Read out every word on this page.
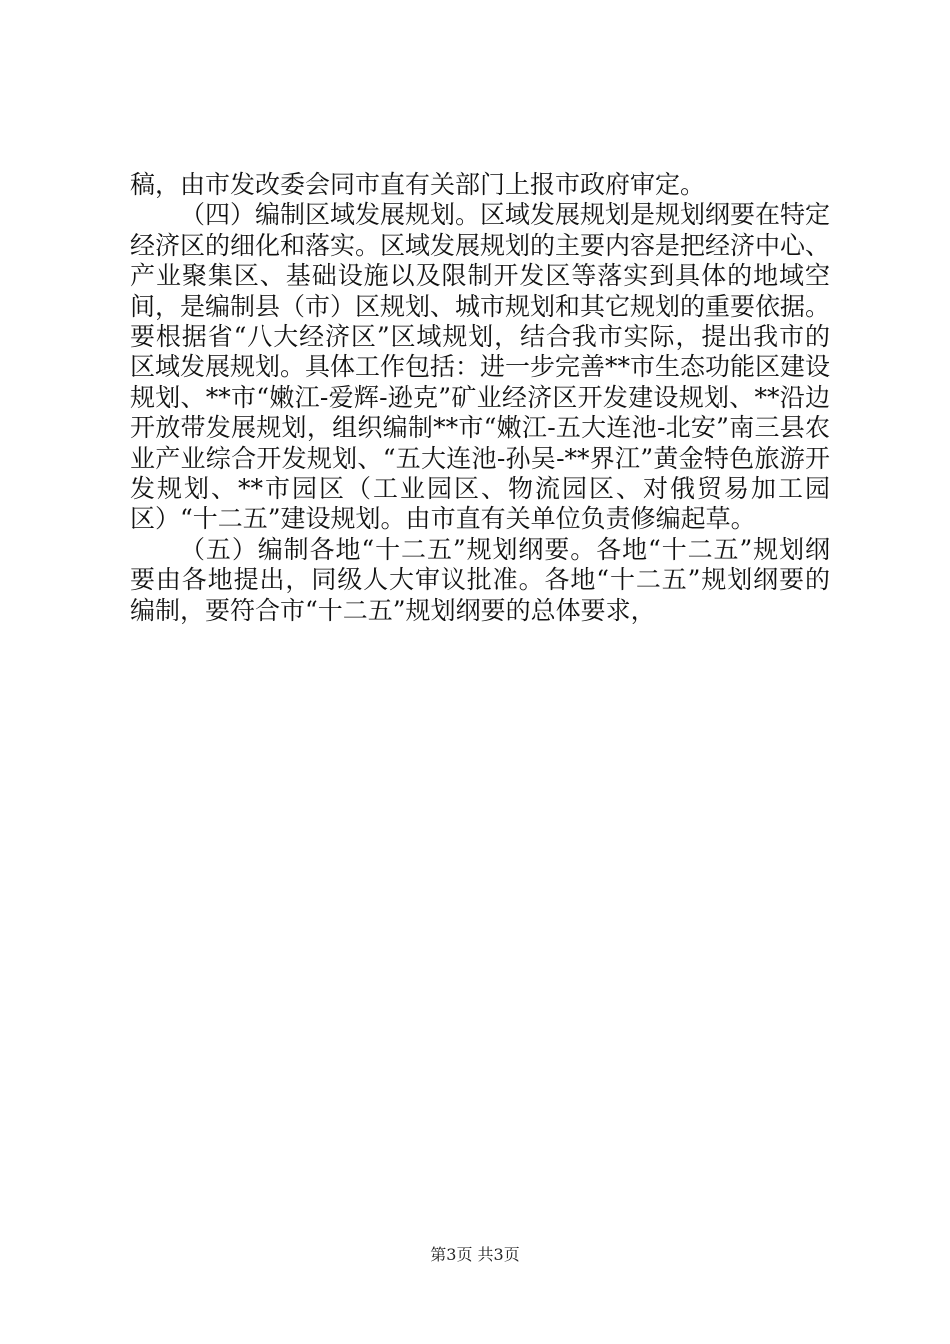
稿，由市发改委会同市直有关部门上报市政府审定。

（四）编制区域发展规划。区域发展规划是规划纲要在特定经济区的细化和落实。区域发展规划的主要内容是把经济中心、产业聚集区、基础设施以及限制开发区等落实到具体的地域空间，是编制县（市）区规划、城市规划和其它规划的重要依据。要根据省“八大经济区”区域规划，结合我市实际，提出我市的区域发展规划。具体工作包括：进一步完善**市生态功能区建设规划、**市“嫩江-爱辉-逊克”矿业经济区开发建设规划、**沿边开放带发展规划，组织编制**市“嫩江-五大连池-北安”南三县农业产业综合开发规划、“五大连池-孙吴-**界江”黄金特色旅游开发规划、**市园区（工业园区、物流园区、对俄贸易加工园区）“十二五”建设规划。由市直有关单位负责修编起草。

（五）编制各地“十二五”规划纲要。各地“十二五”规划纲要由各地提出，同级人大审议批准。各地“十二五”规划纲要的编制，要符合市“十二五”规划纲要的总体要求，

第3页 共3页
